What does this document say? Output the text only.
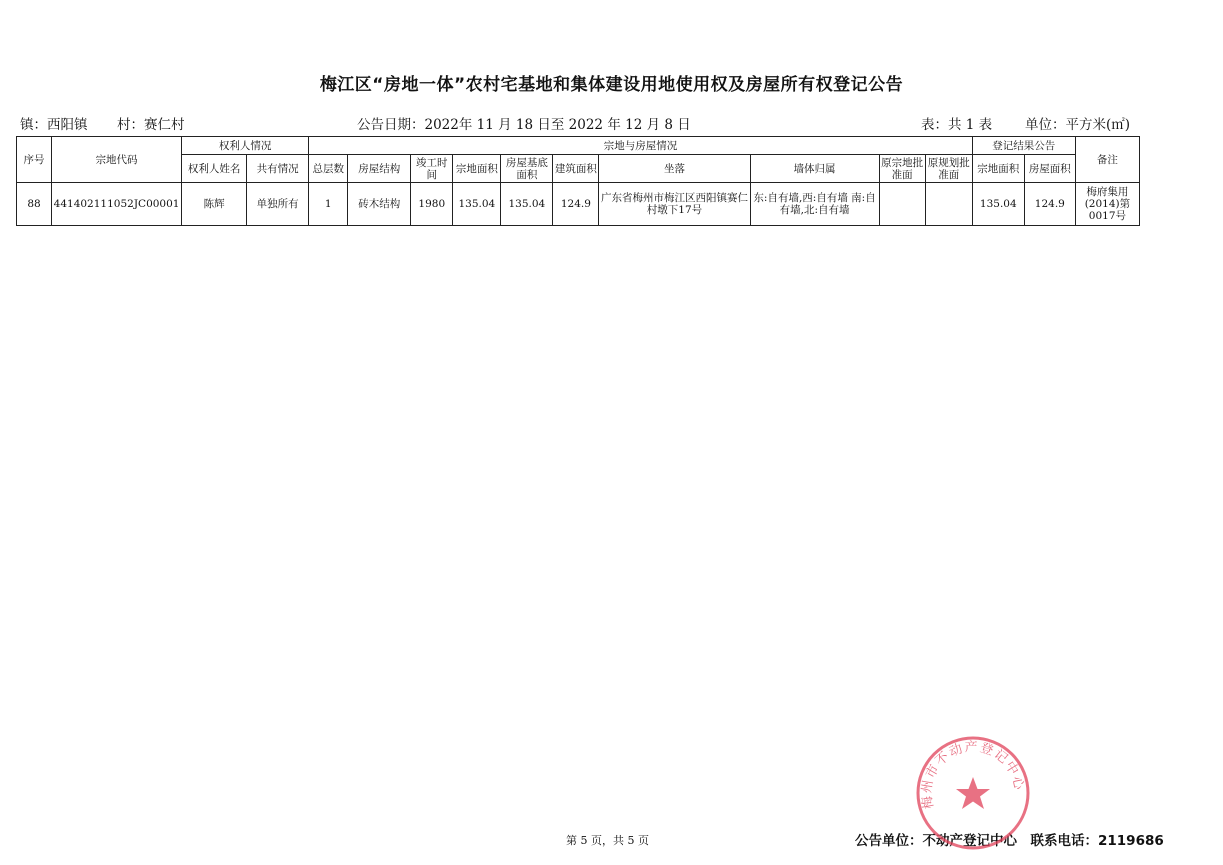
梅江区“房地一体”农村宅基地和集体建设用地使用权及房屋所有权登记公告
镇：西阳镇 村：赛仁村	公告日期：2022年 11 月 18 日至 2022 年 12 月 8 日	表：共 1 表 单位：平方米(㎡)
序号	宗地代码	权利人情况		宗地与房屋情况										登记结果公告		备注
		权利人姓名	共有情况	总层数	房屋结构	竣工时间	宗地面积	房屋基底面积	建筑面积	坐落	墙体归属	原宗地批准面	原规划批准面	宗地面积	房屋面积	
88	441402111052JC00001	陈辉	单独所有	1	砖木结构	1980	135.04	135.04	124.9	广东省梅州市梅江区西阳镇赛仁村墩下17号	东:自有墙,西:自有墙 南:自有墙,北:自有墙			135.04	124.9	梅府集用(2014)第0017号
第 5 页，共 5 页	公告单位：不动产登记中心　联系电话：2119686
梅州市不动产登记中心
